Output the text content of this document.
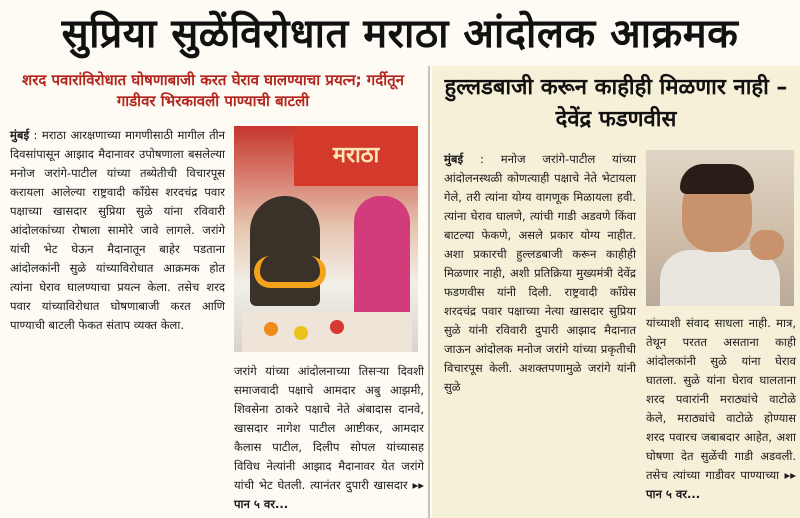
सुप्रिया सुळेंविरोधात मराठा आंदोलक आक्रमक
शरद पवारांविरोधात घोषणाबाजी करत घेराव घालण्याचा प्रयत्न; गर्दीतून गाडीवर भिरकावली पाण्याची बाटली
मुंबई : मराठा आरक्षणाच्या मागणीसाठी मागील तीन दिवसांपासून आझाद मैदानावर उपोषणाला बसलेल्या मनोज जरांगे-पाटील यांच्या तब्येतीची विचारपूस करायला आलेल्या राष्ट्रवादी काँग्रेस शरदचंद्र पवार पक्षाच्या खासदार सुप्रिया सुळे यांना रविवारी आंदोलकांच्या रोषाला सामोरे जावे लागले. जरांगे यांची भेट घेऊन मैदानातून बाहेर पडताना आंदोलकांनी सुळे यांच्याविरोधात आक्रमक होत त्यांना घेराव घालण्याचा प्रयत्न केला. तसेच शरद पवार यांच्याविरोधात घोषणाबाजी करत आणि पाण्याची बाटली फेकत संताप व्यक्त केला.
मराठा
जरांगे यांच्या आंदोलनाच्या तिसऱ्या दिवशी समाजवादी पक्षाचे आमदार अबु आझमी, शिवसेना ठाकरे पक्षाचे नेते अंबादास दानवे, खासदार नागेश पाटील आष्टीकर, आमदार कैलास पाटील, दिलीप सोपल यांच्यासह विविध नेत्यांनी आझाद मैदानावर येत जरांगे यांची भेट घेतली. त्यानंतर दुपारी खासदार ▸▸ पान ५ वर...
हुल्लडबाजी करून काहीही मिळणार नाही – देवेंद्र फडणवीस
मुंबई : मनोज जरांगे-पाटील यांच्या आंदोलनस्थळी कोणत्याही पक्षाचे नेते भेटायला गेले, तरी त्यांना योग्य वागणूक मिळायला हवी. त्यांना घेराव घालणे, त्यांची गाडी अडवणे किंवा बाटल्या फेकणे, असले प्रकार योग्य नाहीत. अशा प्रकारची हुल्लडबाजी करून काहीही मिळणार नाही, अशी प्रतिक्रिया मुख्यमंत्री देवेंद्र फडणवीस यांनी दिली. राष्ट्रवादी काँग्रेस शरदचंद्र पवार पक्षाच्या नेत्या खासदार सुप्रिया सुळे यांनी रविवारी दुपारी आझाद मैदानात जाऊन आंदोलक मनोज जरांगे यांच्या प्रकृतीची विचारपूस केली. अशक्तपणामुळे जरांगे यांनी सुळे
यांच्याशी संवाद साधला नाही. मात्र, तेथून परतत असताना काही आंदोलकांनी सुळे यांना घेराव घातला. सुळे यांना घेराव घालताना शरद पवारांनी मराठ्यांचे वाटोळे केले, मराठ्यांचे वाटोळे होण्यास शरद पवारच जबाबदार आहेत, अशा घोषणा देत सुळेंची गाडी अडवली. तसेच त्यांच्या गाडीवर पाण्याच्या ▸▸ पान ५ वर...
